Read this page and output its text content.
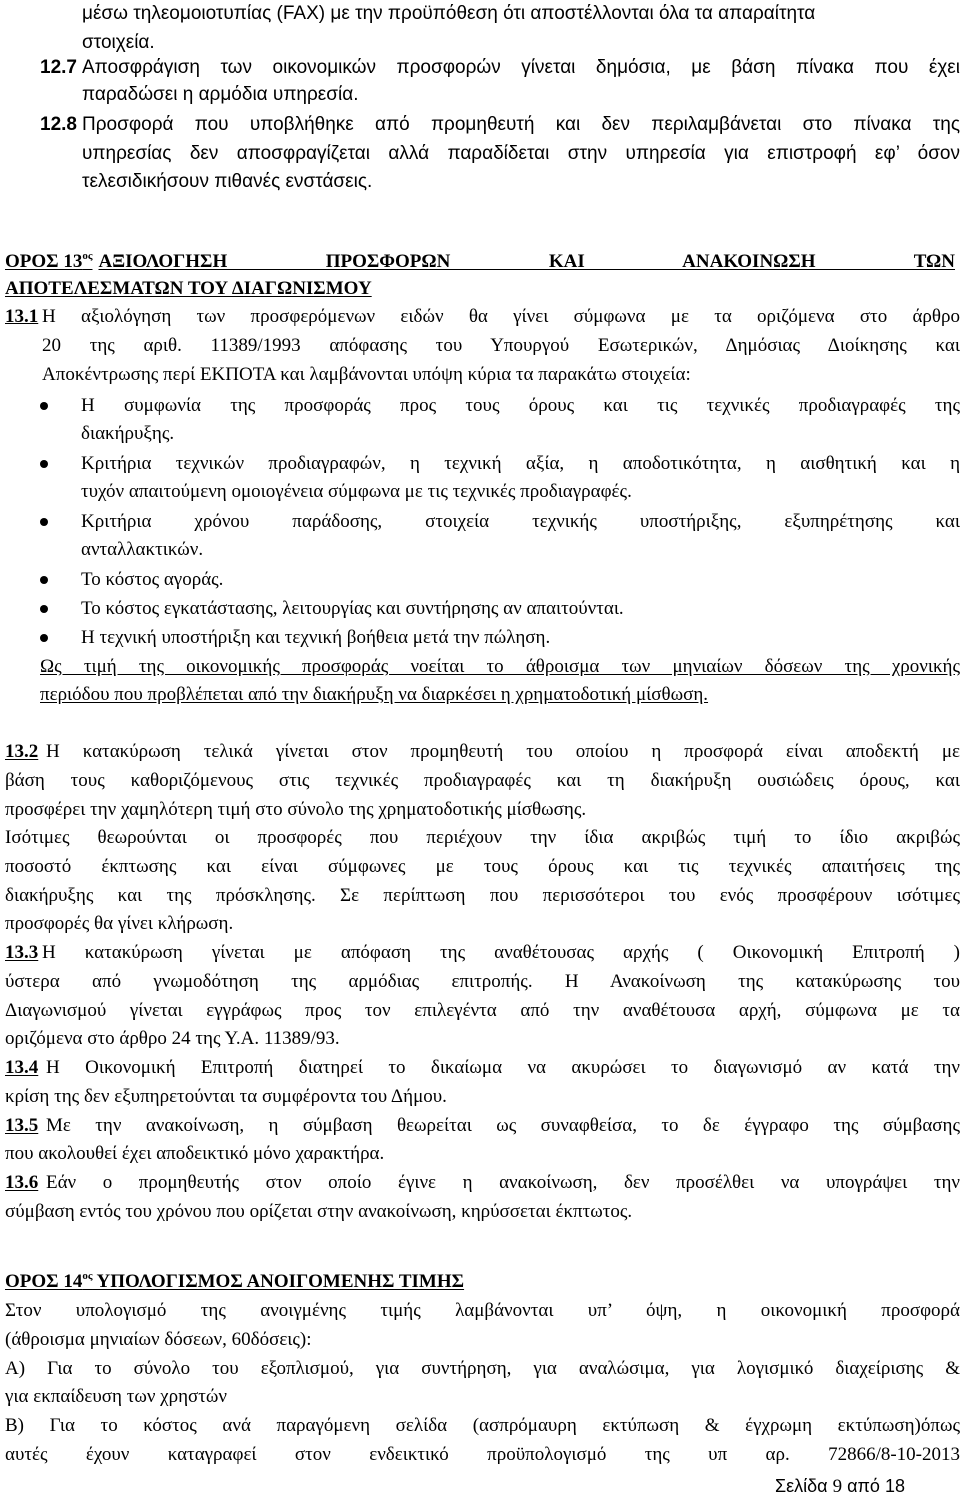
μέσω τηλεομοιοτυπίας (FAX) με την προϋπόθεση ότι αποστέλλονται όλα τα απαραίτητα
στοιχεία.
12.7 Αποσφράγιση των οικονομικών προσφορών γίνεται δημόσια, με βάση πίνακα που έχει
παραδώσει η αρμόδια υπηρεσία.
12.8 Προσφορά που υποβλήθηκε από προμηθευτή και δεν περιλαμβάνεται στο πίνακα της
υπηρεσίας δεν αποσφραγίζεται αλλά παραδίδεται στην υπηρεσία για επιστροφή εφ’ όσον
τελεσιδικήσουν πιθανές ενστάσεις.
ΟΡΟΣ $13^{o\varsigma}$ ΑΞΙΟΛΟΓΗΣΗ ΠΡΟΣΦΟΡΩΝ ΚΑΙ ΑΝΑΚΟΙΝΩΣΗ ΤΩΝ
ΑΠΟΤΕΛΕΣΜΑΤΩΝ ΤΟΥ ΔΙΑΓΩΝΙΣΜΟΥ
13.1 Η αξιολόγηση των προσφερόμενων ειδών θα γίνει σύμφωνα με τα οριζόμενα στο άρθρο
20 της αριθ. 11389/1993 απόφασης του Υπουργού Εσωτερικών, Δημόσιας Διοίκησης και
Αποκέντρωσης περί ΕΚΠΟΤΑ και λαμβάνονται υπόψη κύρια τα παρακάτω στοιχεία:
Η συμφωνία της προσφοράς προς τους όρους και τις τεχνικές προδιαγραφές της
διακήρυξης.
Κριτήρια τεχνικών προδιαγραφών, η τεχνική αξία, η αποδοτικότητα, η αισθητική και η
τυχόν απαιτούμενη ομοιογένεια σύμφωνα με τις τεχνικές προδιαγραφές.
Κριτήρια χρόνου παράδοσης, στοιχεία τεχνικής υποστήριξης, εξυπηρέτησης και
ανταλλακτικών.
Το κόστος αγοράς.
Το κόστος εγκατάστασης, λειτουργίας και συντήρησης αν απαιτούνται.
Η τεχνική υποστήριξη και τεχνική βοήθεια μετά την πώληση.
Ως τιμή της οικονομικής προσφοράς νοείται το άθροισμα των μηνιαίων δόσεων της χρονικής
περιόδου που προβλέπεται από την διακήρυξη να διαρκέσει η χρηματοδοτική μίσθωση.
13.2 Η κατακύρωση τελικά γίνεται στον προμηθευτή του οποίου η προσφορά είναι αποδεκτή με
βάση τους καθοριζόμενους στις τεχνικές προδιαγραφές και τη διακήρυξη ουσιώδεις όρους, και
προσφέρει την χαμηλότερη τιμή στο σύνολο της χρηματοδοτικής μίσθωσης.
Ισότιμες θεωρούνται οι προσφορές που περιέχουν την ίδια ακριβώς τιμή το ίδιο ακριβώς
ποσοστό έκπτωσης και είναι σύμφωνες με τους όρους και τις τεχνικές απαιτήσεις της
διακήρυξης και της πρόσκλησης. Σε περίπτωση που περισσότεροι του ενός προσφέρουν ισότιμες
προσφορές θα γίνει κλήρωση.
13.3 Η κατακύρωση γίνεται με απόφαση της αναθέτουσας αρχής ( Οικονομική Επιτροπή )
ύστερα από γνωμοδότηση της αρμόδιας επιτροπής. Η Ανακοίνωση της κατακύρωσης του
Διαγωνισμού γίνεται εγγράφως προς τον επιλεγέντα από την αναθέτουσα αρχή, σύμφωνα με τα
οριζόμενα στο άρθρο 24 της Υ.Α. 11389/93.
13.4 Η Οικονομική Επιτροπή διατηρεί το δικαίωμα να ακυρώσει το διαγωνισμό αν κατά την
κρίση της δεν εξυπηρετούνται τα συμφέροντα του Δήμου.
13.5 Με την ανακοίνωση, η σύμβαση θεωρείται ως συναφθείσα, το δε έγγραφο της σύμβασης
που ακολουθεί έχει αποδεικτικό μόνο χαρακτήρα.
13.6 Εάν ο προμηθευτής στον οποίο έγινε η ανακοίνωση, δεν προσέλθει να υπογράψει την
σύμβαση εντός του χρόνου που ορίζεται στην ανακοίνωση, κηρύσσεται έκπτωτος.
ΟΡΟΣ $14^{o\varsigma}$ ΥΠΟΛΟΓΙΣΜΟΣ ΑΝΟΙΓΟΜΕΝΗΣ ΤΙΜΗΣ
Στον υπολογισμό της ανοιγμένης τιμής λαμβάνονται υπ’ όψη, η οικονομική προσφορά
(άθροισμα μηνιαίων δόσεων, 60δόσεις):
Α) Για το σύνολο του εξοπλισμού, για συντήρηση, για αναλώσιμα, για λογισμικό διαχείρισης &
για εκπαίδευση των χρηστών
Β) Για το κόστος ανά παραγόμενη σελίδα (ασπρόμαυρη εκτύπωση & έγχρωμη εκτύπωση)όπως
αυτές έχουν καταγραφεί στον ενδεικτικό προϋπολογισμό της υπ αρ. 72866/8-10-2013
Σελίδα 9 από 18
